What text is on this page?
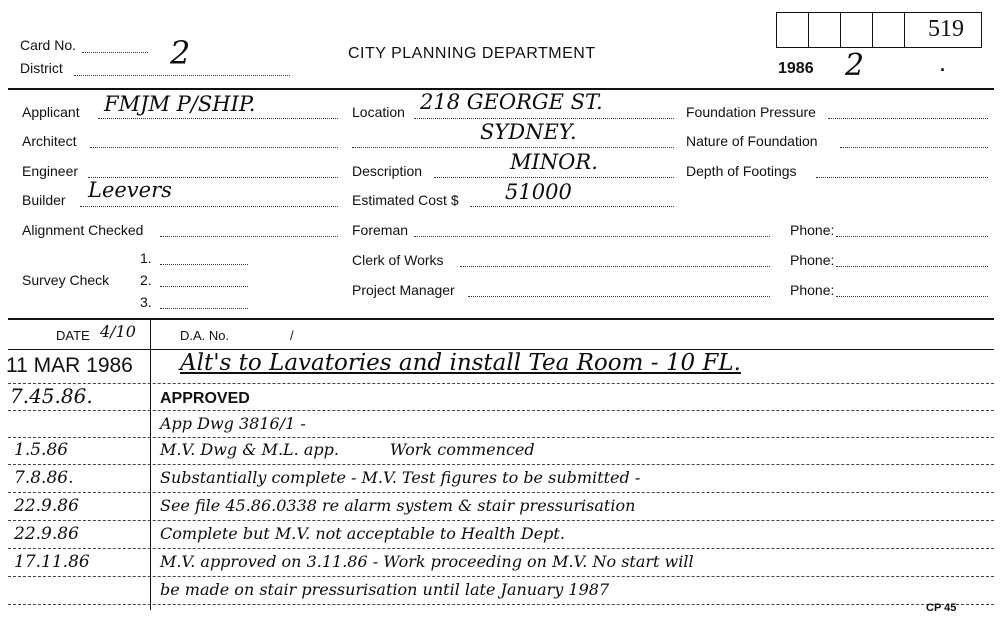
Card No.	2
District
CITY PLANNING DEPARTMENT
1986 2	.
519
Applicant FMJM P/SHIP.
Architect
Engineer
Builder Leevers
Alignment Checked
Survey Check
1.
2.
3.
Location 218 GEORGE ST.
SYDNEY.
Description	MINOR.
Estimated Cost $ 51000
Foreman
Clerk of Works
Project Manager
Foundation Pressure
Nature of Foundation
Depth of Footings
Phone:
Phone:
Phone:
DATE 4/10	D.A. No.	/
11 MAR 1986 Alt's to Lavatories and install Tea Room - 10 FL.
7.45.86.	APPROVED
App Dwg 3816/1 -
1.5.86	M.V. Dwg & M.L. app.          Work commenced
7.8.86.	Substantially complete - M.V. Test figures to be submitted -
22.9.86	See file 45.86.0338 re alarm system & stair pressurisation
22.9.86	Complete but M.V. not acceptable to Health Dept.
17.11.86	M.V. approved on 3.11.86 - Work proceeding on M.V. No start will
be made on stair pressurisation until late January 1987
CP 45
